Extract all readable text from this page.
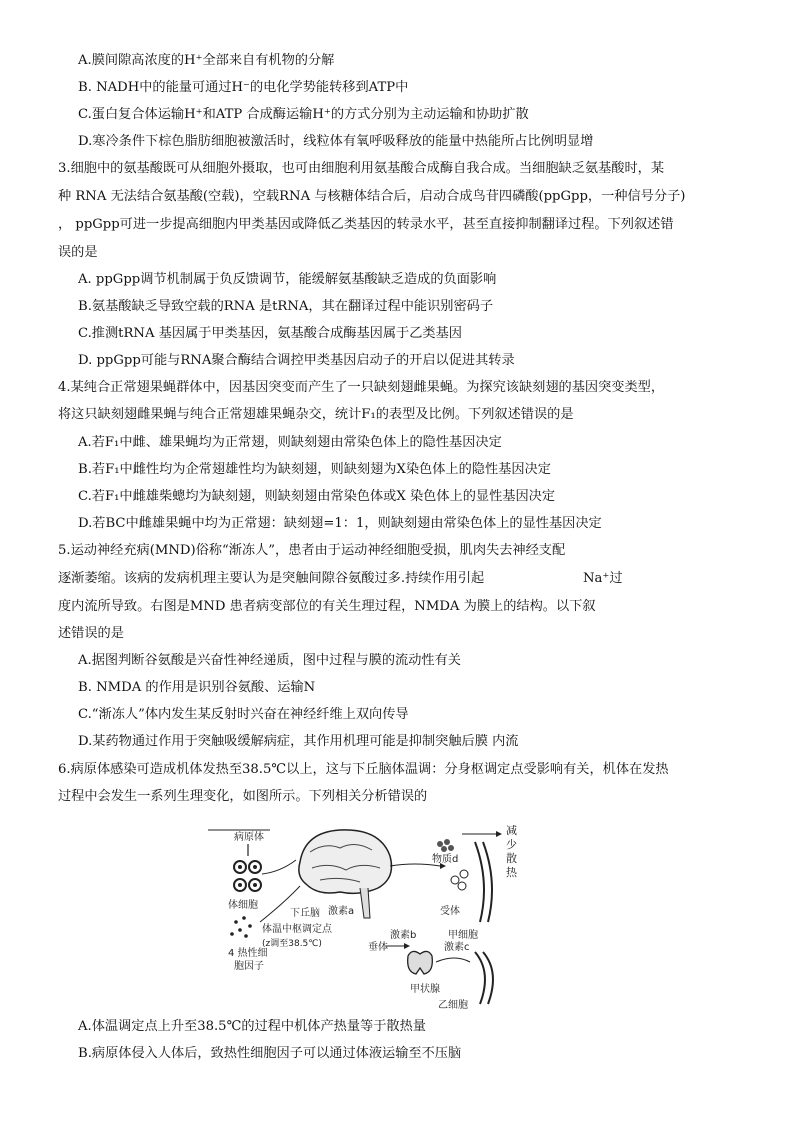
A.膜间隙高浓度的H⁺全部来自有机物的分解
B. NADH中的能量可通过H⁻的电化学势能转移到ATP中
C.蛋白复合体运输H⁺和ATP 合成酶运输H⁺的方式分别为主动运输和协助扩散
D.寒冷条件下棕色脂肪细胞被激活时，线粒体有氧呼吸释放的能量中热能所占比例明显增
3.细胞中的氨基酸既可从细胞外摄取，也可由细胞利用氨基酸合成酶自我合成。当细胞缺乏氨基酸时，某
种 RNA 无法结合氨基酸(空载)，空载RNA 与核糖体结合后，启动合成鸟苷四磷酸(ppGpp，一种信号分子)
， ppGpp可进一步提高细胞内甲类基因或降低乙类基因的转录水平，甚至直接抑制翻译过程。下列叙述错
误的是
A. ppGpp调节机制属于负反馈调节，能缓解氨基酸缺乏造成的负面影响
B.氨基酸缺乏导致空载的RNA 是tRNA，其在翻译过程中能识别密码子
C.推测tRNA 基因属于甲类基因，氨基酸合成酶基因属于乙类基因
D. ppGpp可能与RNA聚合酶结合调控甲类基因启动子的开启以促进其转录
4.某纯合正常翅果蝇群体中，因基因突变而产生了一只缺刻翅雌果蝇。为探究该缺刻翅的基因突变类型，
将这只缺刻翅雌果蝇与纯合正常翅雄果蝇杂交，统计F₁的表型及比例。下列叙述错误的是
A.若F₁中雌、雄果蝇均为正常翅，则缺刻翅由常染色体上的隐性基因决定
B.若F₁中雌性均为企常翅雄性均为缺刻翅，则缺刻翅为X染色体上的隐性基因决定
C.若F₁中雌雄柴蟌均为缺刻翅，则缺刻翅由常染色体或X 染色体上的显性基因决定
D.若BC中雌雄果蝇中均为正常翅：缺刻翅=1：1，则缺刻翅由常染色体上的显性基因决定
5.运动神经充病(MND)俗称“渐冻人”，患者由于运动神经细胞受损，肌肉失去神经支配
逐渐萎缩。该病的发病机理主要认为是突触间隙谷氨酸过多.持续作用引起	Na⁺过
度内流所导致。右图是MND 患者病变部位的有关生理过程，NMDA 为膜上的结构。以下叙
述错误的是
A.据图判断谷氨酸是兴奋性神经递质，图中过程与膜的流动性有关
B. NMDA 的作用是识别谷氨酸、运输N
C.“渐冻人”体内发生某反射时兴奋在神经纤维上双向传导
D.某药物通过作用于突触吸缓解病症，其作用机理可能是抑制突触后膜 内流
6.病原体感染可造成机体发热至38.5℃以上，这与下丘脑体温调：分身枢调定点受影响有关，机体在发热
过程中会发生一系列生理变化，如图所示。下列相关分析错误的
病原体
体细胞
4 热性细
胞因子
下丘脑 激素a
体温中枢调定点
(z调至38.5℃)	垂体
激素b
甲状腺
激素c
物质d
受体
甲细胞
乙细胞
减
少
散
热
A.体温调定点上升至38.5℃的过程中机体产热量等于散热量
B.病原体侵入人体后，致热性细胞因子可以通过体液运输至不压脑
